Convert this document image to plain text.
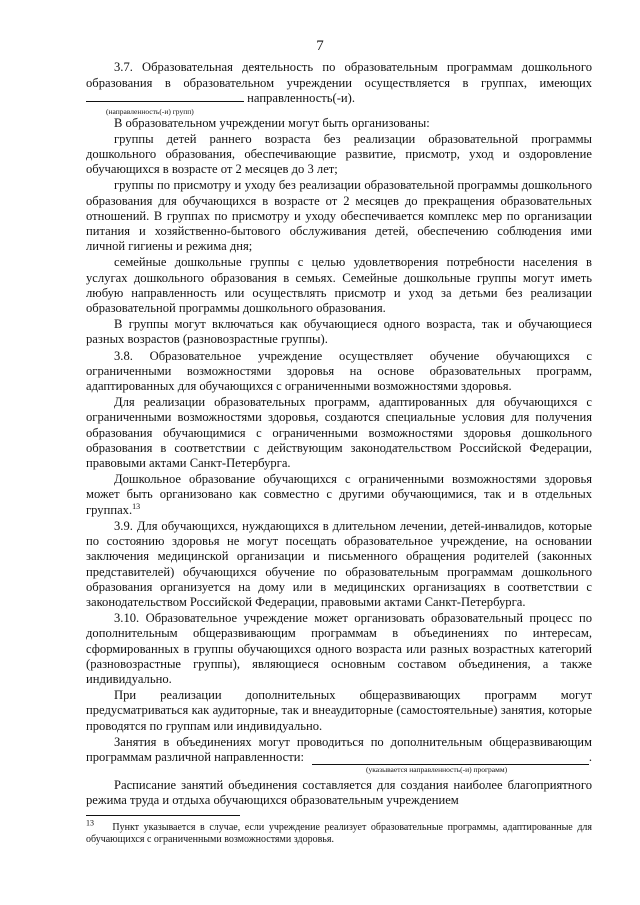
7

3.7. Образовательная деятельность по образовательным программам дошкольного

образования в образовательном учреждении осуществляется в группах, имеющих

направленность(-и).
(направленность(-и) групп)

В образовательном учреждении могут быть организованы:

группы детей раннего возраста без реализации образовательной программы дошкольного образования, обеспечивающие развитие, присмотр, уход и оздоровление обучающихся в возрасте от 2 месяцев до 3 лет;

группы по присмотру и уходу без реализации образовательной программы дошкольного образования для обучающихся в возрасте от 2 месяцев до прекращения образовательных отношений. В группах по присмотру и уходу обеспечивается комплекс мер по организации питания и хозяйственно-бытового обслуживания детей, обеспечению соблюдения ими личной гигиены и режима дня;

семейные дошкольные группы с целью удовлетворения потребности населения в услугах дошкольного образования в семьях. Семейные дошкольные группы могут иметь любую направленность или осуществлять присмотр и уход за детьми без реализации образовательной программы дошкольного образования.

В группы могут включаться как обучающиеся одного возраста, так и обучающиеся разных возрастов (разновозрастные группы).

3.8. Образовательное учреждение осуществляет обучение обучающихся с ограниченными возможностями здоровья на основе образовательных программ, адаптированных для обучающихся с ограниченными возможностями здоровья.

Для реализации образовательных программ, адаптированных для обучающихся с ограниченными возможностями здоровья, создаются специальные условия для получения образования обучающимися с ограниченными возможностями здоровья дошкольного образования в соответствии с действующим законодательством Российской Федерации, правовыми актами Санкт-Петербурга.

Дошкольное образование обучающихся с ограниченными возможностями здоровья может быть организовано как совместно с другими обучающимися, так и в отдельных группах.$^{13}$

3.9. Для обучающихся, нуждающихся в длительном лечении, детей-инвалидов, которые по состоянию здоровья не могут посещать образовательное учреждение, на основании заключения медицинской организации и письменного обращения родителей (законных представителей) обучающихся обучение по образовательным программам дошкольного образования организуется на дому или в медицинских организациях в соответствии с законодательством Российской Федерации, правовыми актами Санкт-Петербурга.

3.10. Образовательное учреждение может организовать образовательный процесс по дополнительным общеразвивающим программам в объединениях по интересам, сформированных в группы обучающихся одного возраста или разных возрастных категорий (разновозрастные группы), являющиеся основным составом объединения, а также индивидуально.

При реализации дополнительных общеразвивающих программ могут предусматриваться как аудиторные, так и внеаудиторные (самостоятельные) занятия, которые проводятся по группам или индивидуально.

Занятия в объединениях могут проводиться по дополнительным общеразвивающим

программам различной направленности:	.
(указывается направленность(-и) программ)

Расписание занятий объединения составляется для создания наиболее благоприятного режима труда и отдыха обучающихся образовательным учреждением

$^{13}$ Пункт указывается в случае, если учреждение реализует образовательные программы, адаптированные для обучающихся с ограниченными возможностями здоровья.
